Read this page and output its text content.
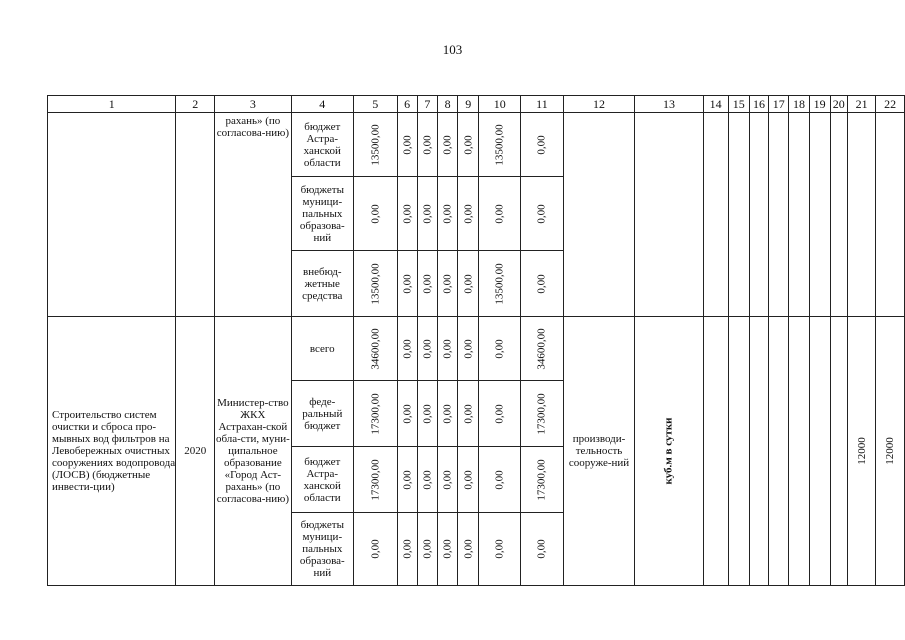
103
1	2	3	4	5	6	7	8	9	10	11	12	13	14	15	16	17	18	19	20	21	22
		рахань» (по согласова-нию)	бюджет Астра-ханской области	13500,00	0,00	0,00	0,00	0,00	13500,00	0,00											
			бюджеты муници-пальных образова-ний	0,00	0,00	0,00	0,00	0,00	0,00	0,00											
			внебюд-жетные средства	13500,00	0,00	0,00	0,00	0,00	13500,00	0,00											
Строительство систем очистки и сброса про-мывных вод фильтров на Левобережных очистных сооружениях водопровода (ЛОСВ) (бюджетные инвести-ции)	2020	Министер-ство ЖКХ Астрахан-ской обла-сти, муни-ципальное образование «Город Аст-рахань» (по согласова-нию)	всего	34600,00	0,00	0,00	0,00	0,00	0,00	34600,00	производи-тельность сооруже-ний	куб.м в сутки								12000	12000
			феде-ральный бюджет	17300,00	0,00	0,00	0,00	0,00	0,00	17300,00											
			бюджет Астра-ханской области	17300,00	0,00	0,00	0,00	0,00	0,00	17300,00											
			бюджеты муници-пальных образова-ний	0,00	0,00	0,00	0,00	0,00	0,00	0,00											
